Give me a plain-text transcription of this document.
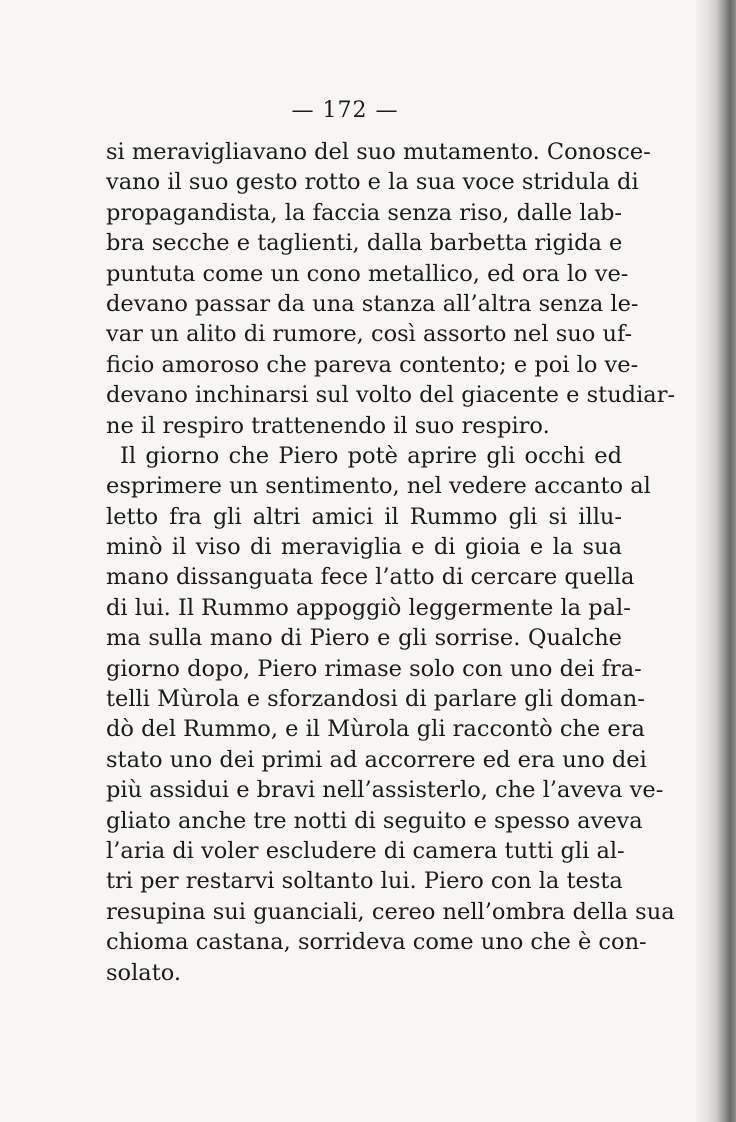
— 172 —
si meravigliavano del suo mutamento. Conosce-
vano il suo gesto rotto e la sua voce stridula di
propagandista, la faccia senza riso, dalle lab-
bra secche e taglienti, dalla barbetta rigida e
puntuta come un cono metallico, ed ora lo ve-
devano passar da una stanza all’altra senza le-
var un alito di rumore, così assorto nel suo uf-
ficio amoroso che pareva contento; e poi lo ve-
devano inchinarsi sul volto del giacente e studiar-
ne il respiro trattenendo il suo respiro.
Il giorno che Piero potè aprire gli occhi ed
esprimere un sentimento, nel vedere accanto al
letto fra gli altri amici il Rummo gli si illu-
minò il viso di meraviglia e di gioia e la sua
mano dissanguata fece l’atto di cercare quella
di lui. Il Rummo appoggiò leggermente la pal-
ma sulla mano di Piero e gli sorrise. Qualche
giorno dopo, Piero rimase solo con uno dei fra-
telli Mùrola e sforzandosi di parlare gli doman-
dò del Rummo, e il Mùrola gli raccontò che era
stato uno dei primi ad accorrere ed era uno dei
più assidui e bravi nell’assisterlo, che l’aveva ve-
gliato anche tre notti di seguito e spesso aveva
l’aria di voler escludere di camera tutti gli al-
tri per restarvi soltanto lui. Piero con la testa
resupina sui guanciali, cereo nell’ombra della sua
chioma castana, sorrideva come uno che è con-
solato.
